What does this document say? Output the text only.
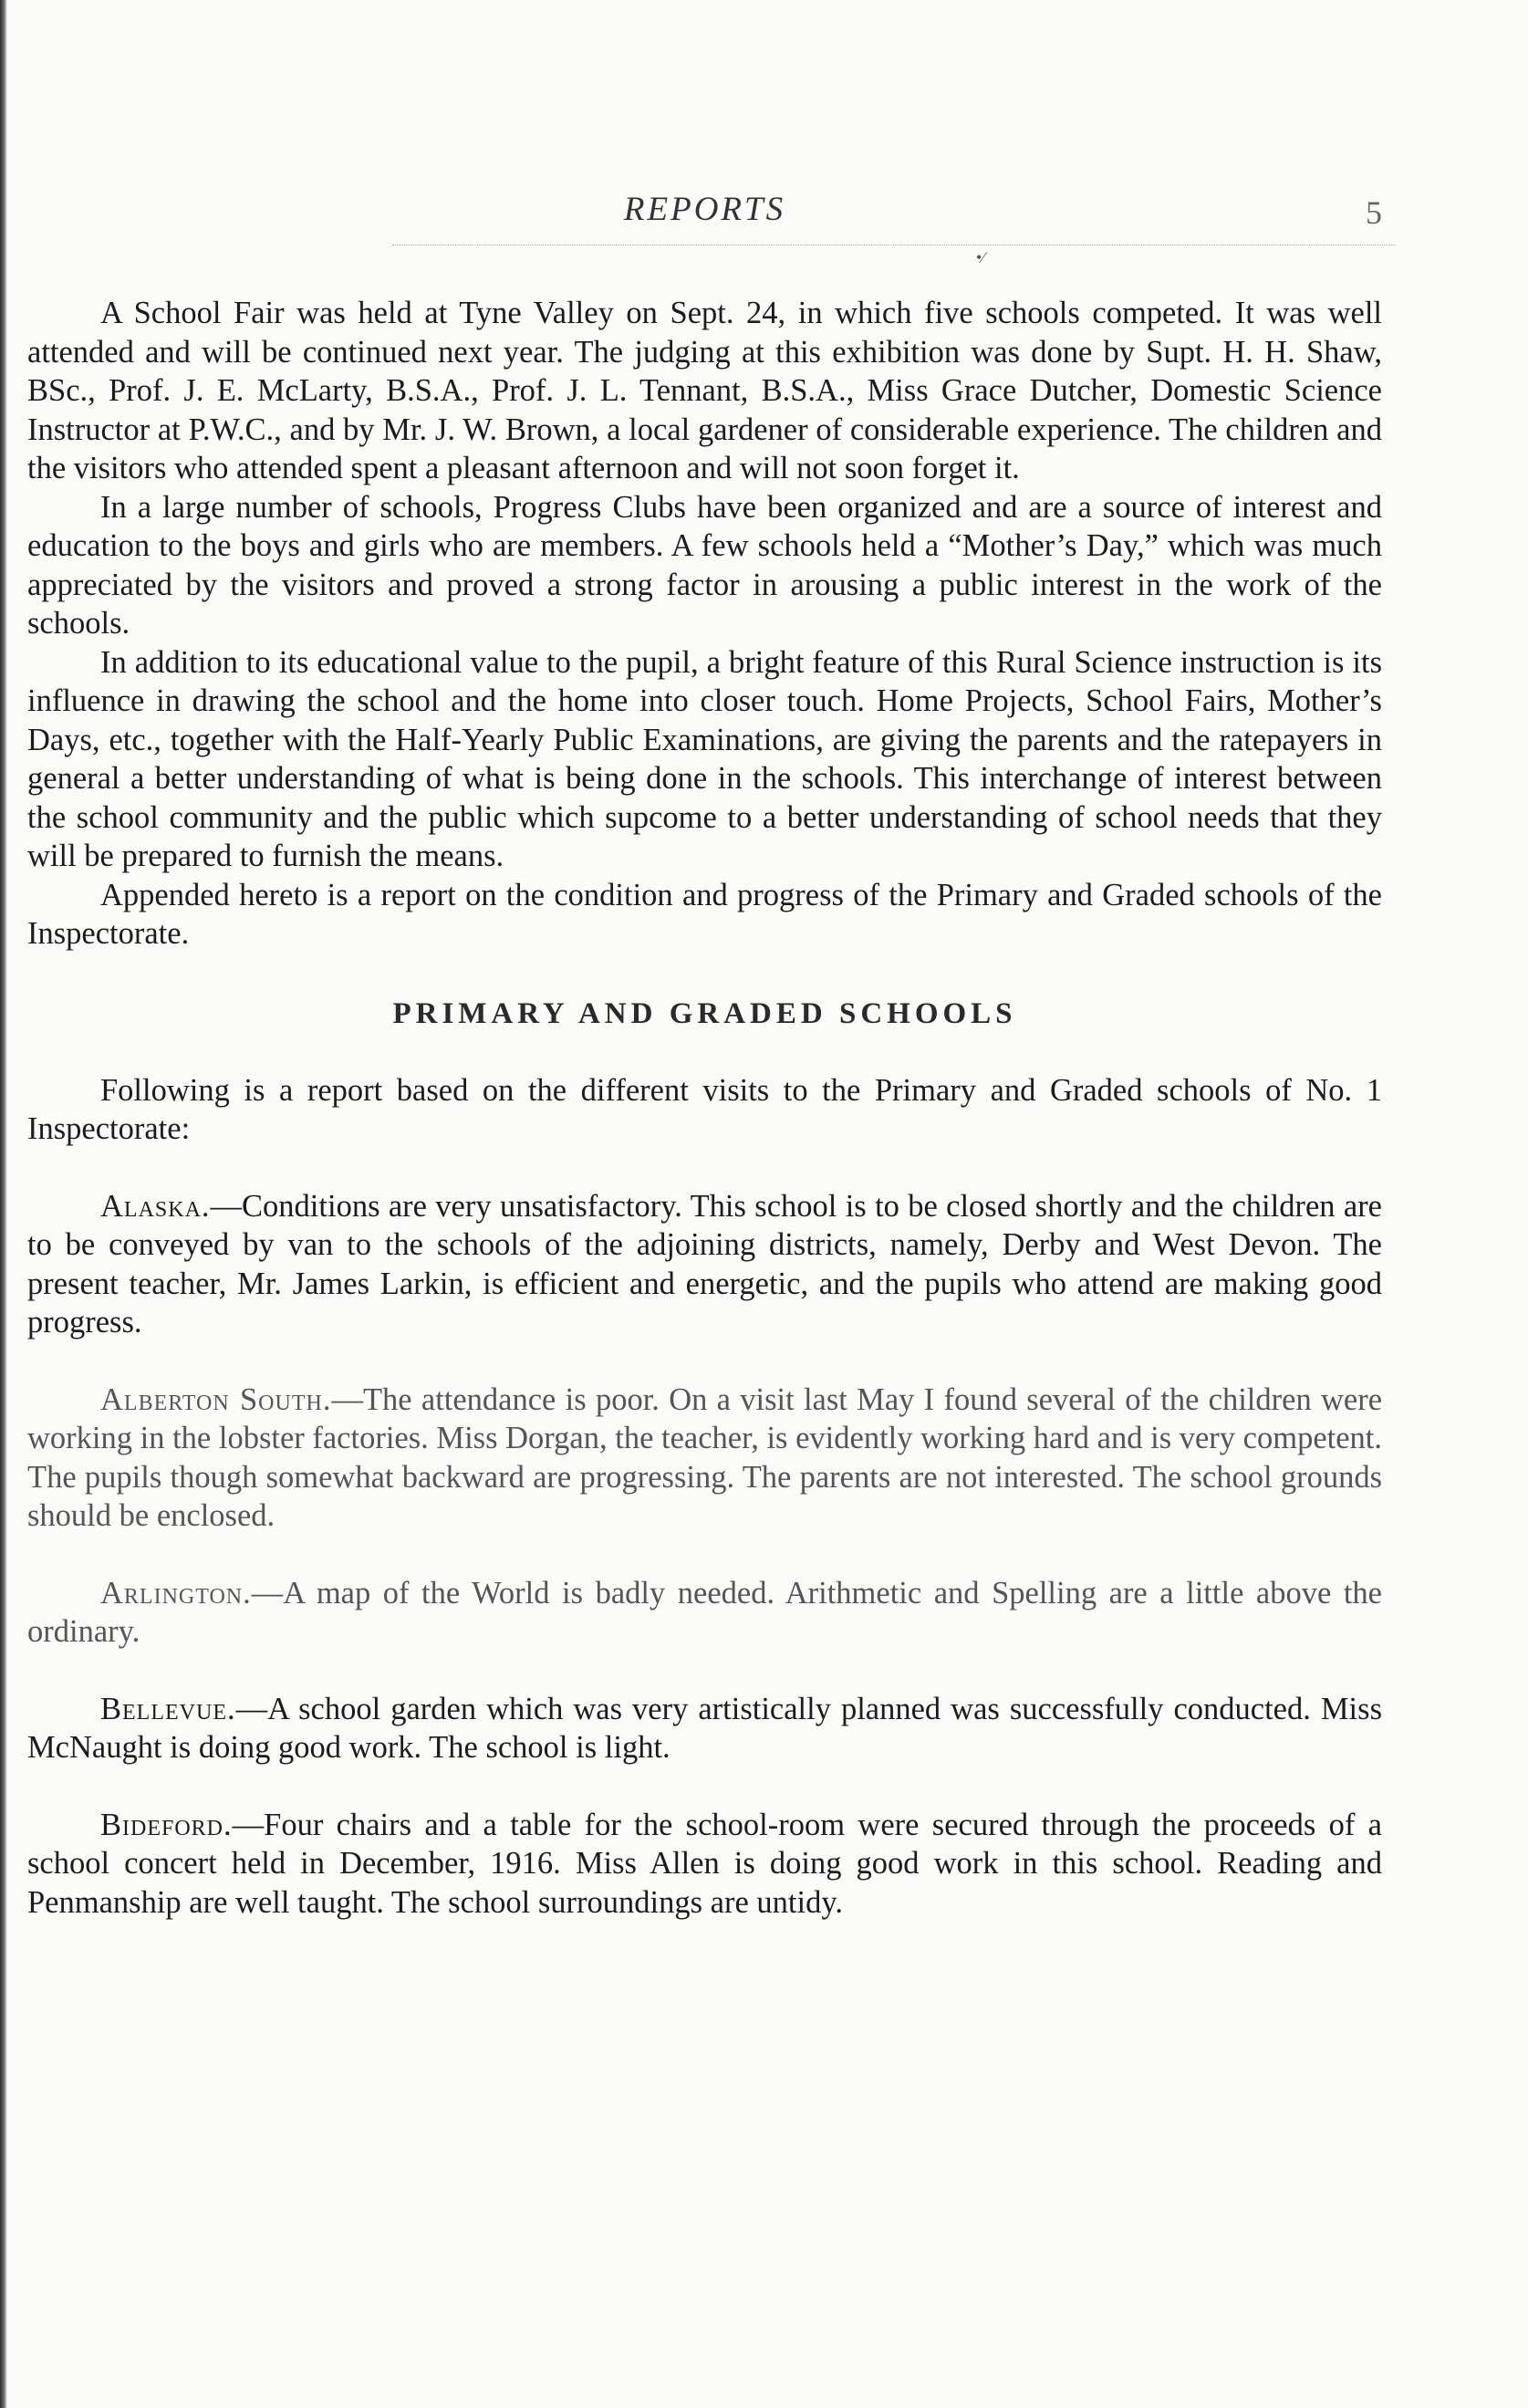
REPORTS	5
•∕

A School Fair was held at Tyne Valley on Sept. 24, in which five schools competed. It was well attended and will be continued next year. The judging at this exhibition was done by Supt. H. H. Shaw, BSc., Prof. J. E. McLarty, B.S.A., Prof. J. L. Tennant, B.S.A., Miss Grace Dutcher, Domestic Science Instructor at P.W.C., and by Mr. J. W. Brown, a local gardener of considerable experience. The children and the visitors who attended spent a pleasant afternoon and will not soon forget it.

In a large number of schools, Progress Clubs have been organized and are a source of interest and education to the boys and girls who are members. A few schools held a “Mother’s Day,” which was much appreciated by the visitors and proved a strong factor in arousing a public interest in the work of the schools.

In addition to its educational value to the pupil, a bright feature of this Rural Science instruction is its influence in drawing the school and the home into closer touch. Home Projects, School Fairs, Mother’s Days, etc., together with the Half-Yearly Public Examinations, are giving the parents and the ratepayers in general a better understanding of what is being done in the schools. This interchange of interest between the school community and the public which supcome to a better understanding of school needs that they will be prepared to furnish the means.

Appended hereto is a report on the condition and progress of the Primary and Graded schools of the Inspectorate.

PRIMARY AND GRADED SCHOOLS

Following is a report based on the different visits to the Primary and Graded schools of No. 1 Inspectorate:

Alaska.—Conditions are very unsatisfactory. This school is to be closed shortly and the children are to be conveyed by van to the schools of the adjoining districts, namely, Derby and West Devon. The present teacher, Mr. James Larkin, is efficient and energetic, and the pupils who attend are making good progress.

Alberton South.—The attendance is poor. On a visit last May I found several of the children were working in the lobster factories. Miss Dorgan, the teacher, is evidently working hard and is very competent. The pupils though somewhat backward are progressing. The parents are not interested. The school grounds should be enclosed.

Arlington.—A map of the World is badly needed. Arithmetic and Spelling are a little above the ordinary.

Bellevue.—A school garden which was very artistically planned was successfully conducted. Miss McNaught is doing good work. The school is light.

Bideford.—Four chairs and a table for the school-room were secured through the proceeds of a school concert held in December, 1916. Miss Allen is doing good work in this school. Reading and Penmanship are well taught. The school surroundings are untidy.
